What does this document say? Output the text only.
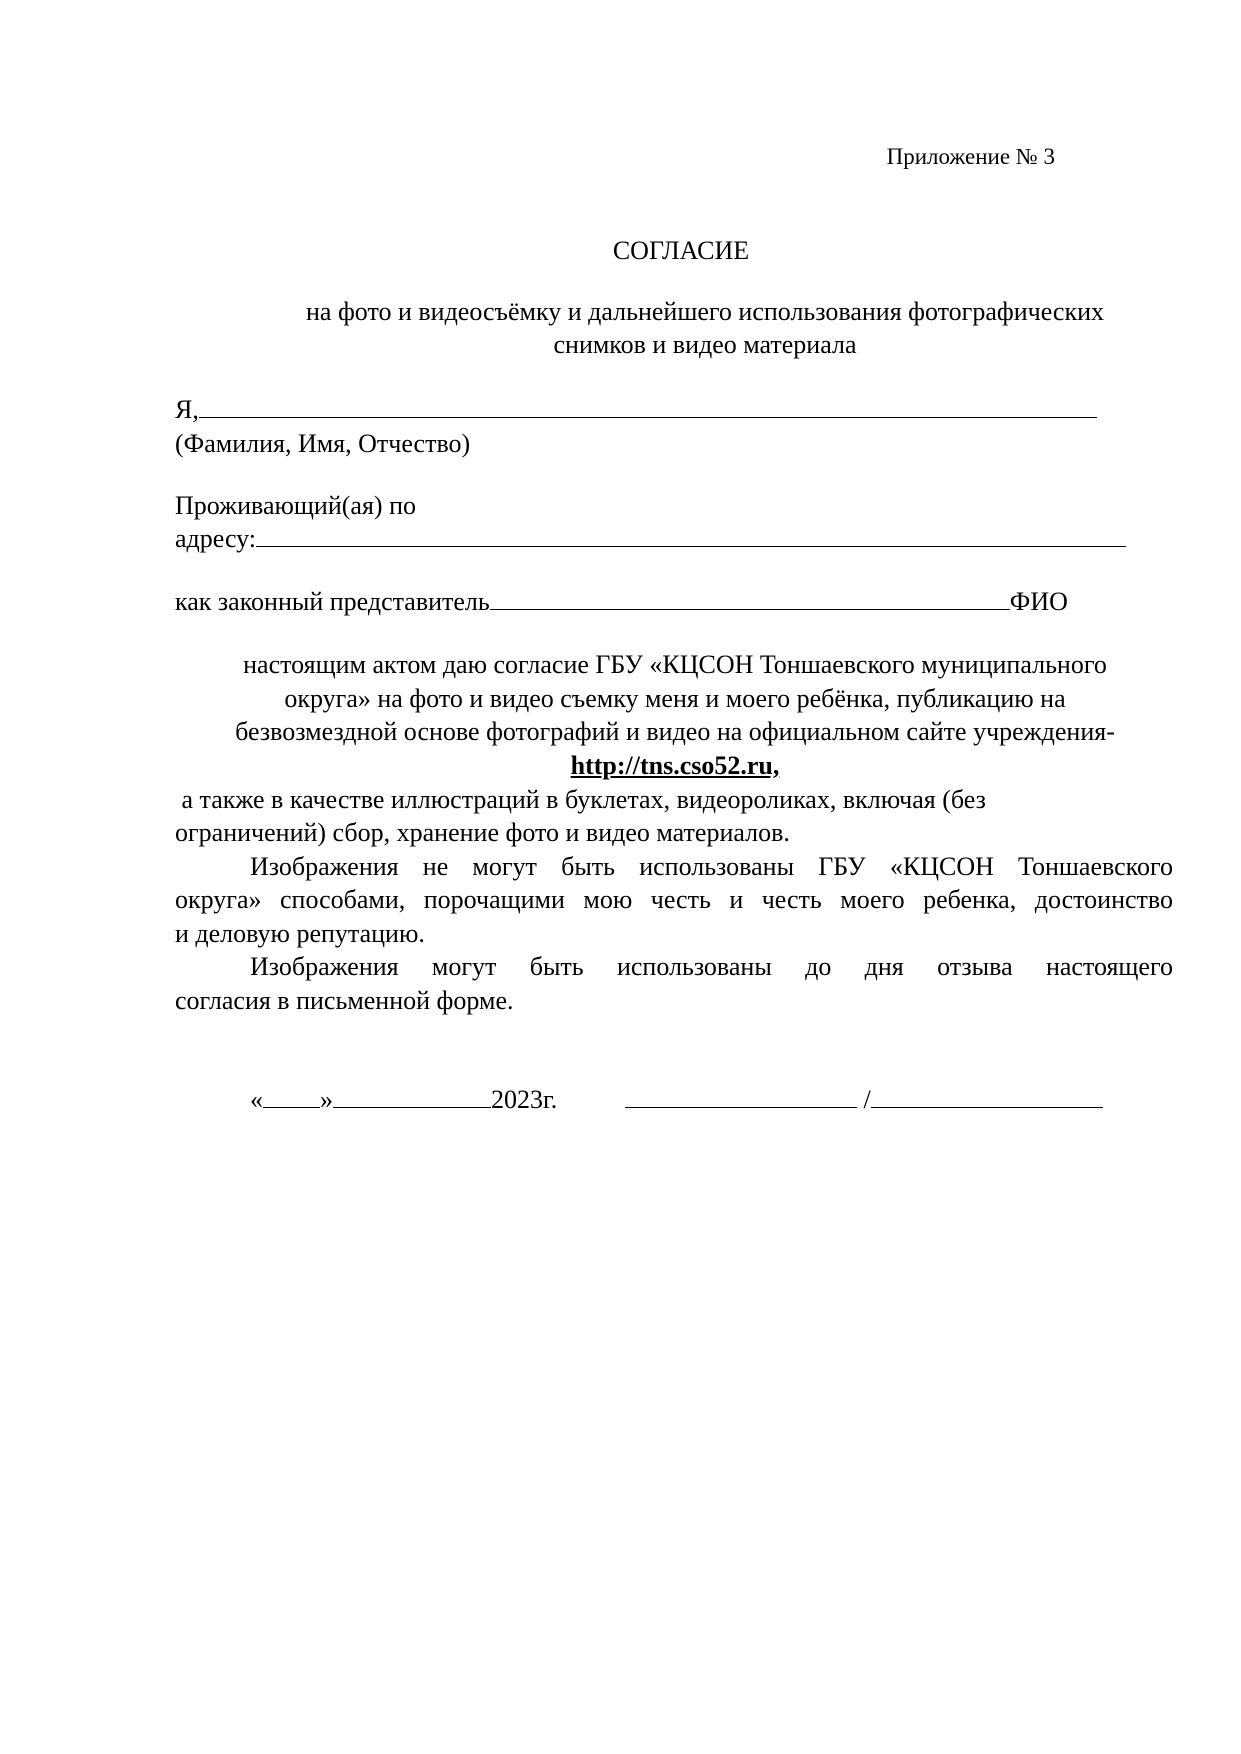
Приложение № 3
СОГЛАСИЕ
на фото и видеосъёмку и дальнейшего использования фотографических
снимков и видео материала
Я,
(Фамилия, Имя, Отчество)
Проживающий(ая) по
адресу:
как законный представитель	ФИО
настоящим актом даю согласие ГБУ «КЦСОН Тоншаевского муниципального
округа» на фото и видео съемку меня и моего ребёнка, публикацию на
безвозмездной основе фотографий и видео на официальном сайте учреждения-
http://tns.cso52.ru,
а также в качестве иллюстраций в буклетах, видеороликах, включая (без
ограничений) сбор, хранение фото и видео материалов.
Изображения не могут быть использованы ГБУ «КЦСОН Тоншаевского
округа» способами, порочащими мою честь и честь моего ребенка, достоинство
и деловую репутацию.
Изображения могут быть использованы до дня отзыва настоящего
согласия в письменной форме.
« »	2023г.	/
